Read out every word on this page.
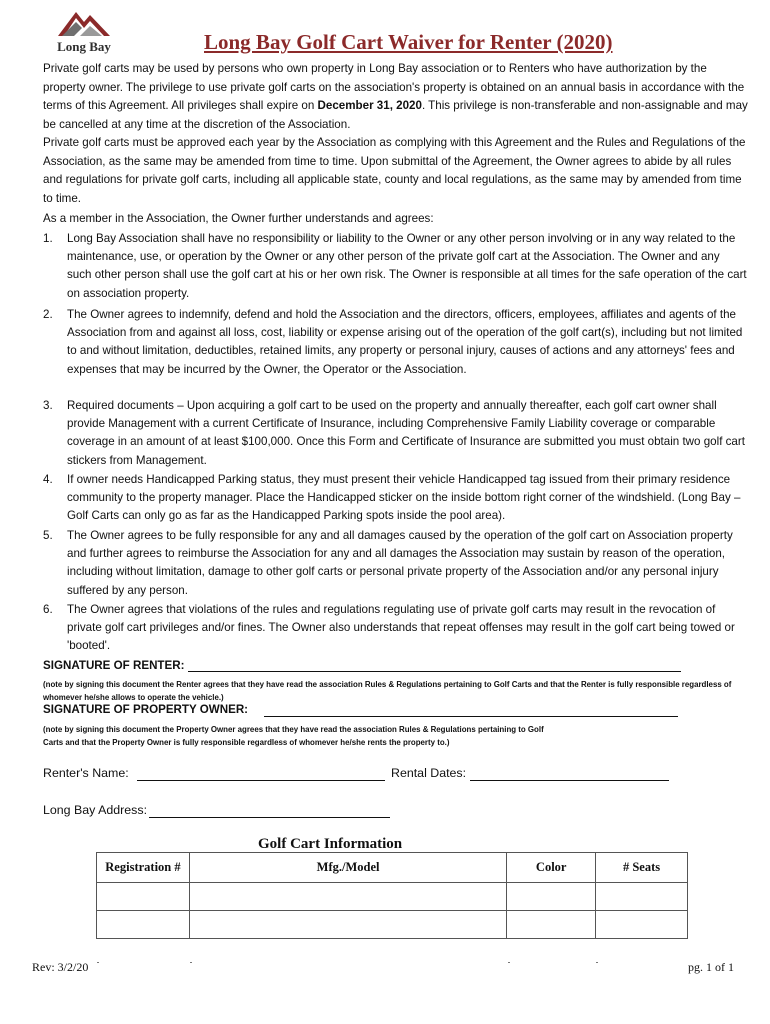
Long Bay	Long Bay Golf Cart Waiver for Renter (2020)
Private golf carts may be used by persons who own property in Long Bay association or to Renters who have authorization by the property owner. The privilege to use private golf carts on the association's property is obtained on an annual basis in accordance with the terms of this Agreement. All privileges shall expire on December 31, 2020. This privilege is non-transferable and non-assignable and may be cancelled at any time at the discretion of the Association.
Private golf carts must be approved each year by the Association as complying with this Agreement and the Rules and Regulations of the Association, as the same may be amended from time to time. Upon submittal of the Agreement, the Owner agrees to abide by all rules and regulations for private golf carts, including all applicable state, county and local regulations, as the same may by amended from time to time.
As a member in the Association, the Owner further understands and agrees:
1. Long Bay Association shall have no responsibility or liability to the Owner or any other person involving or in any way related to the maintenance, use, or operation by the Owner or any other person of the private golf cart at the Association. The Owner and any such other person shall use the golf cart at his or her own risk. The Owner is responsible at all times for the safe operation of the cart on association property.
2. The Owner agrees to indemnify, defend and hold the Association and the directors, officers, employees, affiliates and agents of the Association from and against all loss, cost, liability or expense arising out of the operation of the golf cart(s), including but not limited to and without limitation, deductibles, retained limits, any property or personal injury, causes of actions and any attorneys' fees and expenses that may be incurred by the Owner, the Operator or the Association.
3. Required documents – Upon acquiring a golf cart to be used on the property and annually thereafter, each golf cart owner shall provide Management with a current Certificate of Insurance, including Comprehensive Family Liability coverage or comparable coverage in an amount of at least $100,000. Once this Form and Certificate of Insurance are submitted you must obtain two golf cart stickers from Management.
4. If owner needs Handicapped Parking status, they must present their vehicle Handicapped tag issued from their primary residence community to the property manager. Place the Handicapped sticker on the inside bottom right corner of the windshield. (Long Bay – Golf Carts can only go as far as the Handicapped Parking spots inside the pool area).
5. The Owner agrees to be fully responsible for any and all damages caused by the operation of the golf cart on Association property and further agrees to reimburse the Association for any and all damages the Association may sustain by reason of the operation, including without limitation, damage to other golf carts or personal private property of the Association and/or any personal injury suffered by any person.
6. The Owner agrees that violations of the rules and regulations regulating use of private golf carts may result in the revocation of private golf cart privileges and/or fines. The Owner also understands that repeat offenses may result in the golf cart being towed or 'booted'.
SIGNATURE OF RENTER:
(note by signing this document the Renter agrees that they have read the association Rules & Regulations pertaining to Golf Carts and that the Renter is fully responsible regardless of whomever he/she allows to operate the vehicle.)
SIGNATURE OF PROPERTY OWNER:
(note by signing this document the Property Owner agrees that they have read the association Rules & Regulations pertaining to Golf
Carts and that the Property Owner is fully responsible regardless of whomever he/she rents the property to.)
Renter's Name:	Rental Dates:
Long Bay Address:
Golf Cart Information
Registration #	Mfg./Model	Color	# Seats

Rev: 3/2/20	pg. 1 of 1
